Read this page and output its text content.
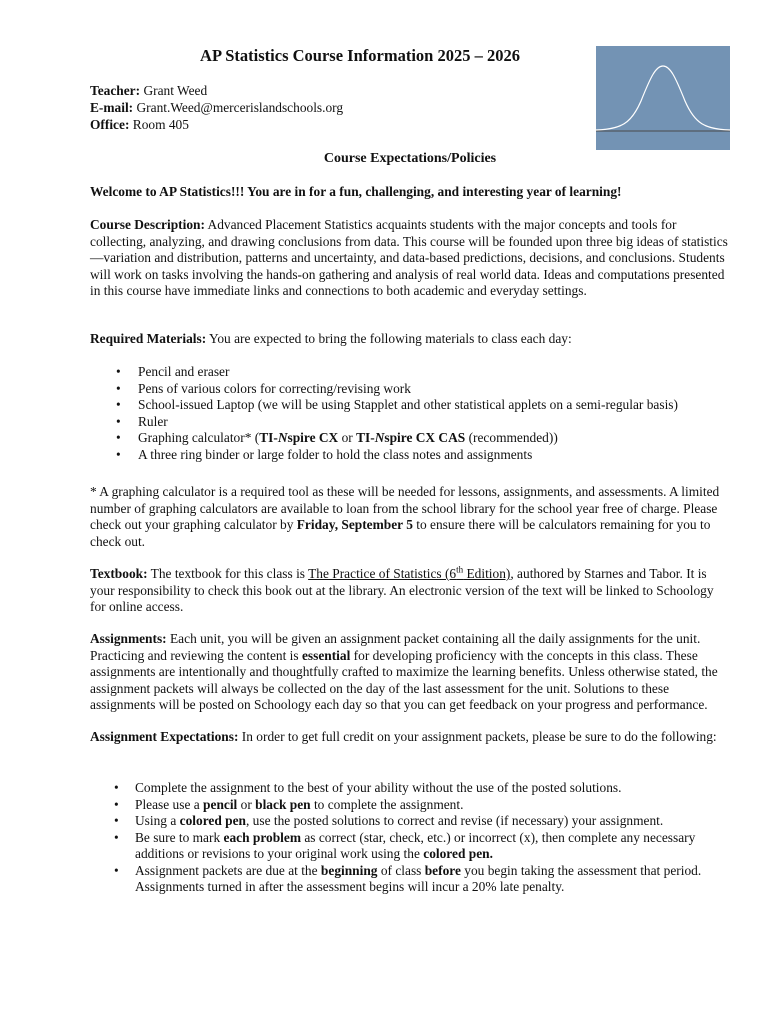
AP Statistics Course Information 2025 – 2026
Teacher: Grant Weed
E-mail: Grant.Weed@mercerislandschools.org
Office: Room 405
Course Expectations/Policies
Welcome to AP Statistics!!! You are in for a fun, challenging, and interesting year of learning!
Course Description: Advanced Placement Statistics acquaints students with the major concepts and tools for collecting, analyzing, and drawing conclusions from data. This course will be founded upon three big ideas of statistics—variation and distribution, patterns and uncertainty, and data-based predictions, decisions, and conclusions. Students will work on tasks involving the hands-on gathering and analysis of real world data. Ideas and computations presented in this course have immediate links and connections to both academic and everyday settings.
Required Materials: You are expected to bring the following materials to class each day:
• Pencil and eraser
• Pens of various colors for correcting/revising work
• School-issued Laptop (we will be using Stapplet and other statistical applets on a semi-regular basis)
• Ruler
• Graphing calculator* (TI-Nspire CX or TI-Nspire CX CAS (recommended))
• A three ring binder or large folder to hold the class notes and assignments
* A graphing calculator is a required tool as these will be needed for lessons, assignments, and assessments. A limited number of graphing calculators are available to loan from the school library for the school year free of charge. Please check out your graphing calculator by Friday, September 5 to ensure there will be calculators remaining for you to check out.
Textbook: The textbook for this class is The Practice of Statistics (6th Edition), authored by Starnes and Tabor. It is your responsibility to check this book out at the library. An electronic version of the text will be linked to Schoology for online access.
Assignments: Each unit, you will be given an assignment packet containing all the daily assignments for the unit. Practicing and reviewing the content is essential for developing proficiency with the concepts in this class. These assignments are intentionally and thoughtfully crafted to maximize the learning benefits. Unless otherwise stated, the assignment packets will always be collected on the day of the last assessment for the unit. Solutions to these assignments will be posted on Schoology each day so that you can get feedback on your progress and performance.
Assignment Expectations: In order to get full credit on your assignment packets, please be sure to do the following:
• Complete the assignment to the best of your ability without the use of the posted solutions.
• Please use a pencil or black pen to complete the assignment.
• Using a colored pen, use the posted solutions to correct and revise (if necessary) your assignment.
• Be sure to mark each problem as correct (star, check, etc.) or incorrect (x), then complete any necessary additions or revisions to your original work using the colored pen.
• Assignment packets are due at the beginning of class before you begin taking the assessment that period. Assignments turned in after the assessment begins will incur a 20% late penalty.
